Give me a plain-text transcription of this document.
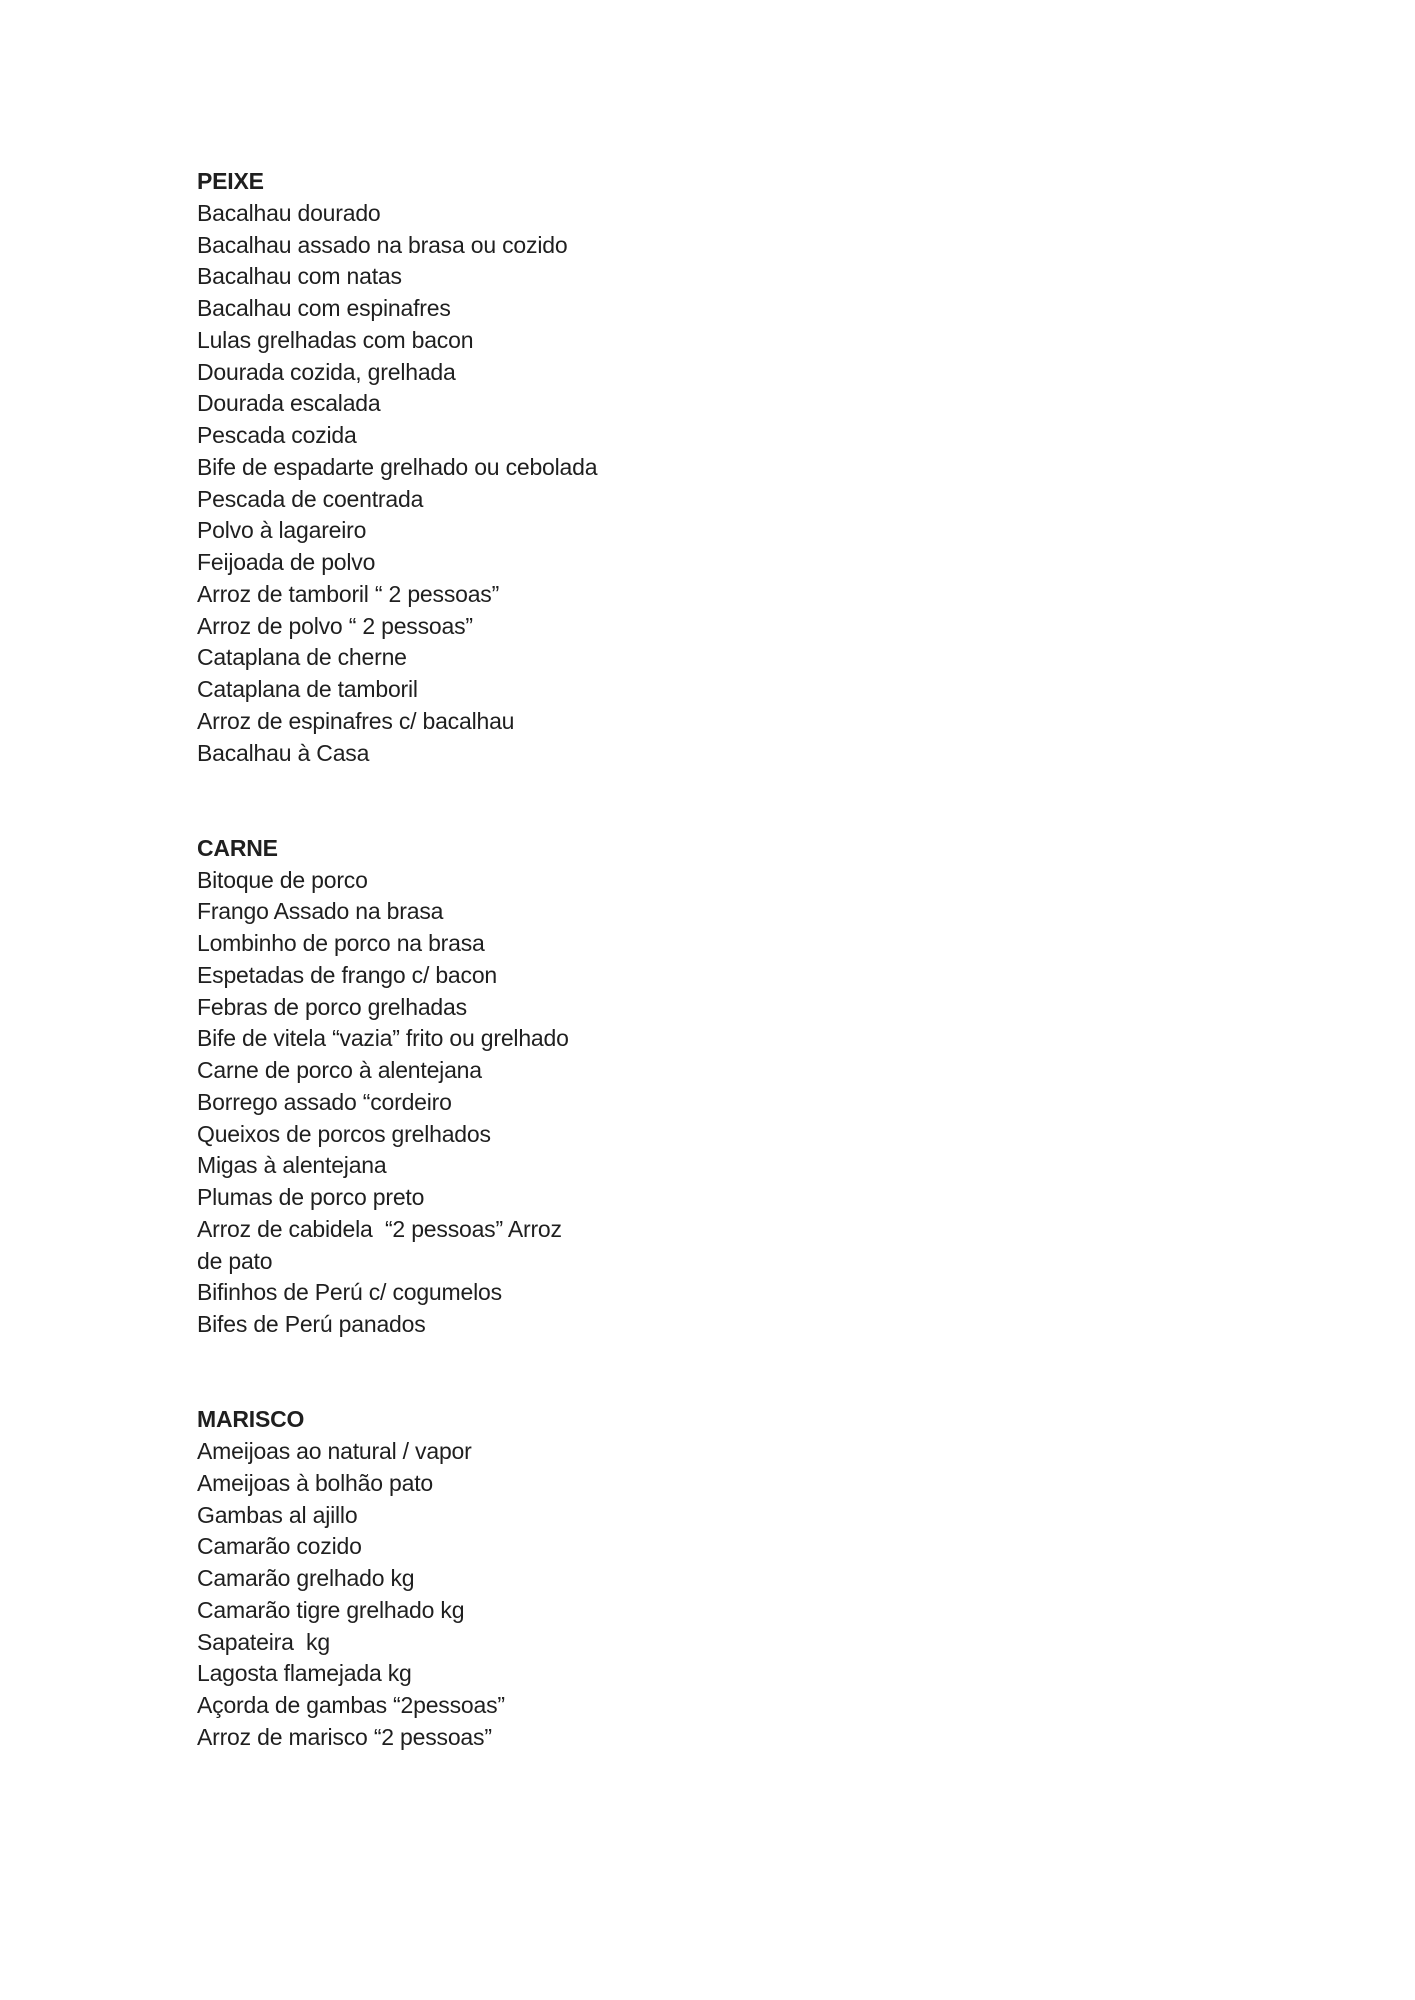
PEIXE
Bacalhau dourado
Bacalhau assado na brasa ou cozido
Bacalhau com natas
Bacalhau com espinafres
Lulas grelhadas com bacon
Dourada cozida, grelhada
Dourada escalada
Pescada cozida
Bife de espadarte grelhado ou cebolada
Pescada de coentrada
Polvo à lagareiro
Feijoada de polvo
Arroz de tamboril “ 2 pessoas”
Arroz de polvo “ 2 pessoas”
Cataplana de cherne
Cataplana de tamboril
Arroz de espinafres c/ bacalhau
Bacalhau à Casa
CARNE
Bitoque de porco
Frango Assado na brasa
Lombinho de porco na brasa
Espetadas de frango c/ bacon
Febras de porco grelhadas
Bife de vitela “vazia” frito ou grelhado
Carne de porco à alentejana
Borrego assado “cordeiro
Queixos de porcos grelhados
Migas à alentejana
Plumas de porco preto
Arroz de cabidela  “2 pessoas” Arroz
de pato
Bifinhos de Perú c/ cogumelos
Bifes de Perú panados
MARISCO
Ameijoas ao natural / vapor
Ameijoas à bolhão pato
Gambas al ajillo
Camarão cozido
Camarão grelhado kg
Camarão tigre grelhado kg
Sapateira  kg
Lagosta flamejada kg
Açorda de gambas “2pessoas”
Arroz de marisco “2 pessoas”
